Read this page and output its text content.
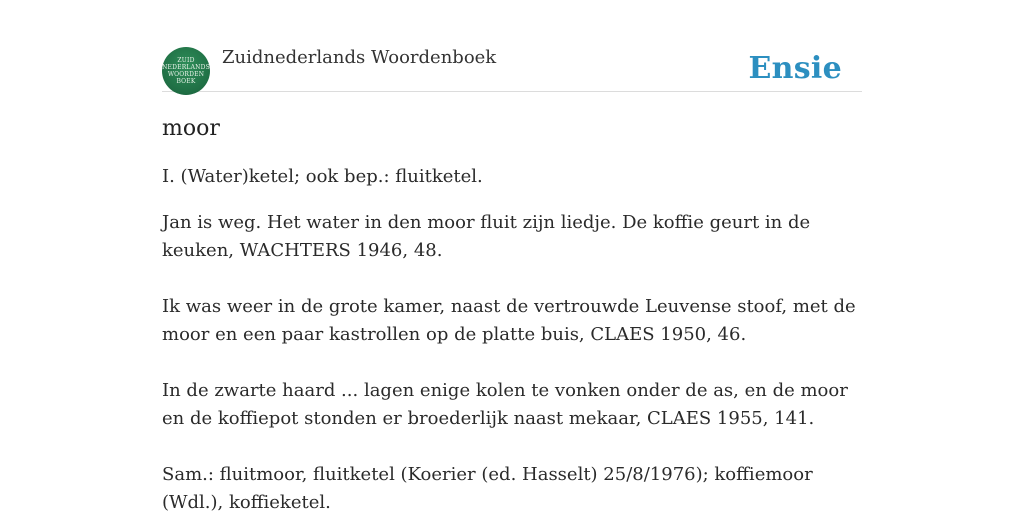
ZUID
NEDERLANDS
WOORDEN
BOEK
Zuidnederlands Woordenboek	Ensie
moor
I. (Water)ketel; ook bep.: fluitketel.
Jan is weg. Het water in den moor fluit zijn liedje. De koffie geurt in de keuken, WACHTERS 1946, 48.
Ik was weer in de grote kamer, naast de vertrouwde Leuvense stoof, met de moor en een paar kastrollen op de platte buis, CLAES 1950, 46.
In de zwarte haard ... lagen enige kolen te vonken onder de as, en de moor en de koffiepot stonden er broederlijk naast mekaar, CLAES 1955, 141.
Sam.: fluitmoor, fluitketel (Koerier (ed. Hasselt) 25/8/1976); koffiemoor (Wdl.), koffieketel.
